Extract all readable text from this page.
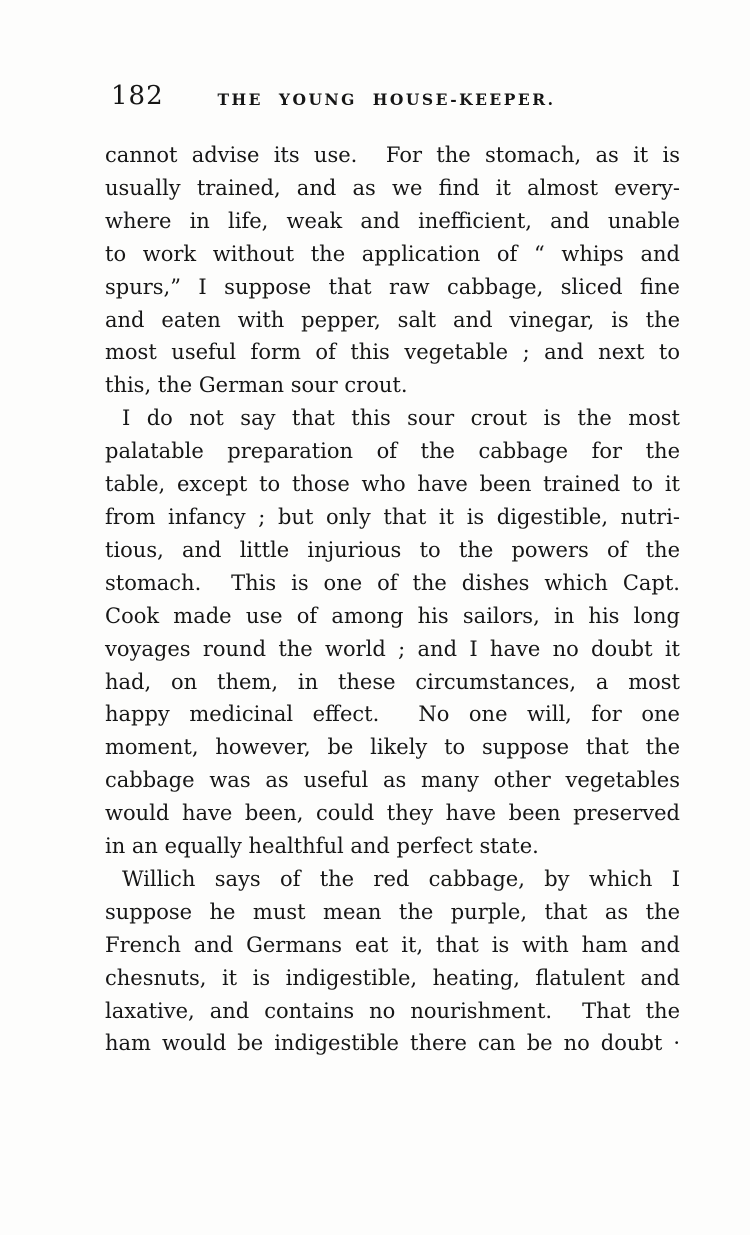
182	THE YOUNG HOUSE-KEEPER.
cannot advise its use.  For the stomach, as it is
usually trained, and as we find it almost every-
where in life, weak and inefficient, and unable
to work without the application of “ whips and
spurs,” I suppose that raw cabbage, sliced fine
and eaten with pepper, salt and vinegar, is the
most useful form of this vegetable ; and next to
this, the German sour crout.
I do not say that this sour crout is the most
palatable preparation of the cabbage for the
table, except to those who have been trained to it
from infancy ; but only that it is digestible, nutri-
tious, and little injurious to the powers of the
stomach.  This is one of the dishes which Capt.
Cook made use of among his sailors, in his long
voyages round the world ; and I have no doubt it
had, on them, in these circumstances, a most
happy medicinal effect.  No one will, for one
moment, however, be likely to suppose that the
cabbage was as useful as many other vegetables
would have been, could they have been preserved
in an equally healthful and perfect state.
Willich says of the red cabbage, by which I
suppose he must mean the purple, that as the
French and Germans eat it, that is with ham and
chesnuts, it is indigestible, heating, flatulent and
laxative, and contains no nourishment.  That the
ham would be indigestible there can be no doubt ·
